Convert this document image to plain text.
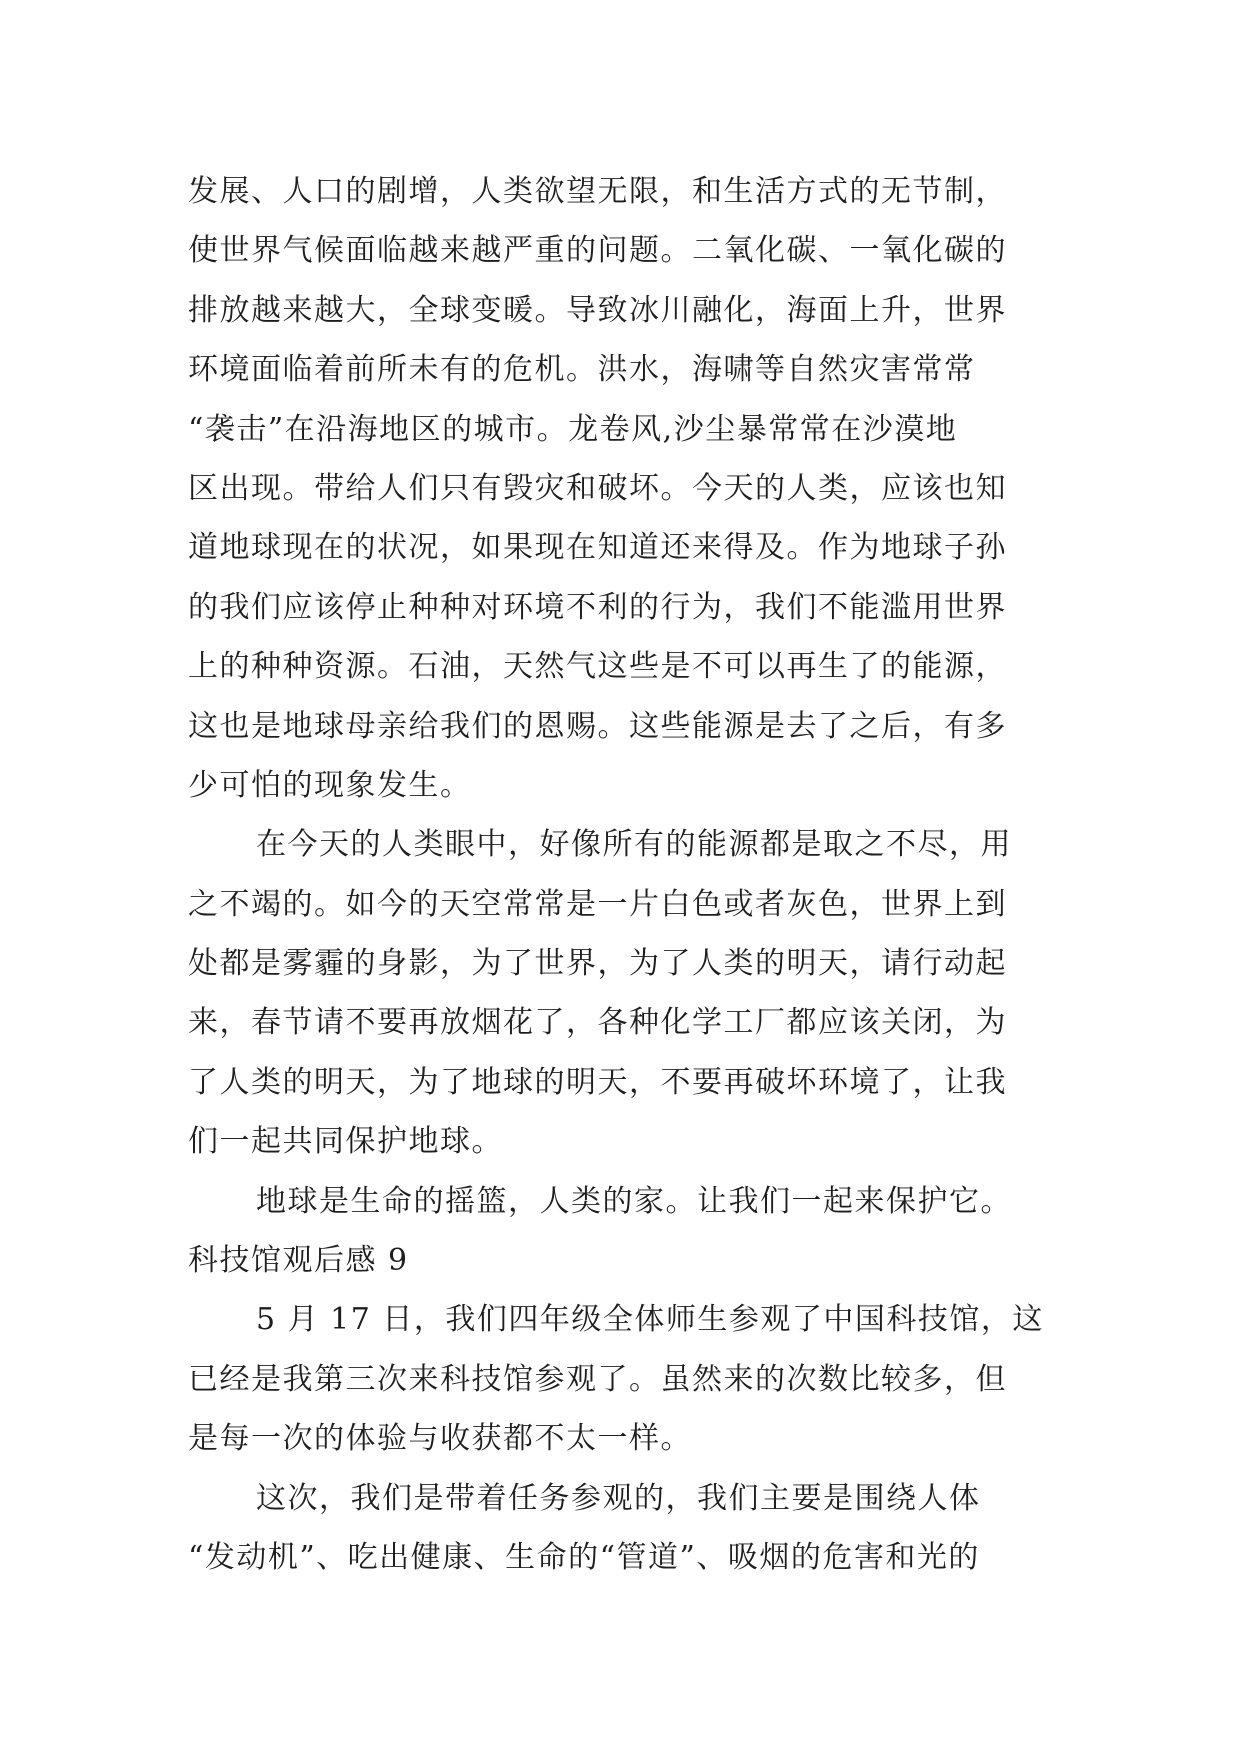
发展、人口的剧增，人类欲望无限，和生活方式的无节制，
使世界气候面临越来越严重的问题。二氧化碳、一氧化碳的
排放越来越大，全球变暖。导致冰川融化，海面上升，世界
环境面临着前所未有的危机。洪水，海啸等自然灾害常常
“袭击”在沿海地区的城市。龙卷风,沙尘暴常常在沙漠地
区出现。带给人们只有毁灾和破坏。今天的人类，应该也知
道地球现在的状况，如果现在知道还来得及。作为地球子孙
的我们应该停止种种对环境不利的行为，我们不能滥用世界
上的种种资源。石油，天然气这些是不可以再生了的能源，
这也是地球母亲给我们的恩赐。这些能源是去了之后，有多
少可怕的现象发生。
在今天的人类眼中，好像所有的能源都是取之不尽，用
之不竭的。如今的天空常常是一片白色或者灰色，世界上到
处都是雾霾的身影，为了世界，为了人类的明天，请行动起
来，春节请不要再放烟花了，各种化学工厂都应该关闭，为
了人类的明天，为了地球的明天，不要再破坏环境了，让我
们一起共同保护地球。
地球是生命的摇篮，人类的家。让我们一起来保护它。
科技馆观后感 9
5 月 17 日，我们四年级全体师生参观了中国科技馆，这
已经是我第三次来科技馆参观了。虽然来的次数比较多，但
是每一次的体验与收获都不太一样。
这次，我们是带着任务参观的，我们主要是围绕人体
“发动机”、吃出健康、生命的“管道”、吸烟的危害和光的
